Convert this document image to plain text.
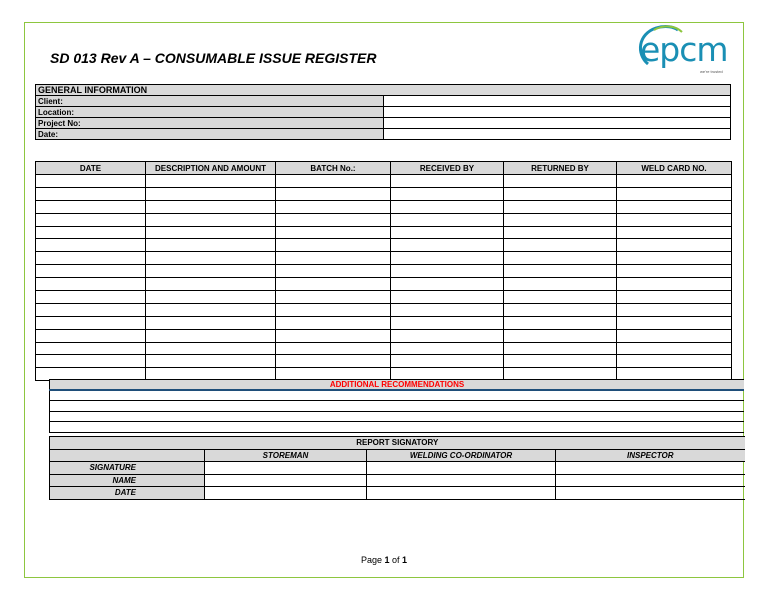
SD 013 Rev A – CONSUMABLE ISSUE REGISTER	epcm
we're trusted
GENERAL INFORMATION	
Client:	
Location:	
Project No:	
Date:	
DATE	DESCRIPTION AND AMOUNT	BATCH No.:	RECEIVED BY	RETURNED BY	WELD CARD NO.

ADDITIONAL RECOMMENDATIONS

REPORT SIGNATORY			
	STOREMAN	WELDING CO-ORDINATOR	INSPECTOR
SIGNATURE			
NAME			
DATE			
Page 1 of 1
